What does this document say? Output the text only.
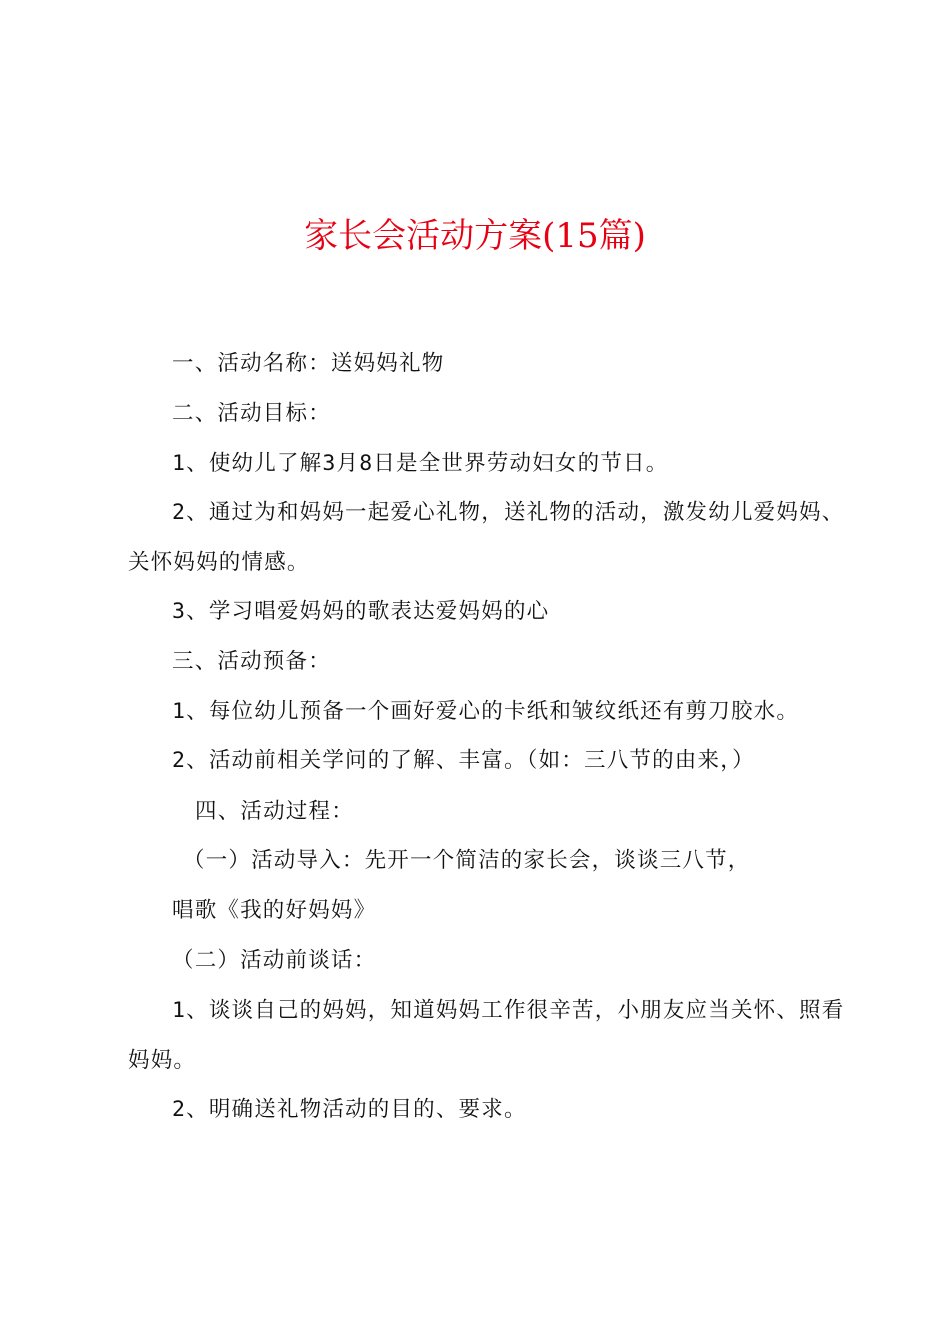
家长会活动方案(15篇)
一、活动名称：送妈妈礼物
二、活动目标：
1、使幼儿了解3月8日是全世界劳动妇女的节日。
2、通过为和妈妈一起爱心礼物，送礼物的活动，激发幼儿爱妈妈、
关怀妈妈的情感。
3、学习唱爱妈妈的歌表达爱妈妈的心
三、活动预备：
1、每位幼儿预备一个画好爱心的卡纸和皱纹纸还有剪刀胶水。
2、活动前相关学问的了解、丰富。（如：三八节的由来，）
四、活动过程：
（一）活动导入：先开一个简洁的家长会，谈谈三八节，
唱歌《我的好妈妈》
（二）活动前谈话：
1、谈谈自己的妈妈，知道妈妈工作很辛苦，小朋友应当关怀、照看
妈妈。
2、明确送礼物活动的目的、要求。
